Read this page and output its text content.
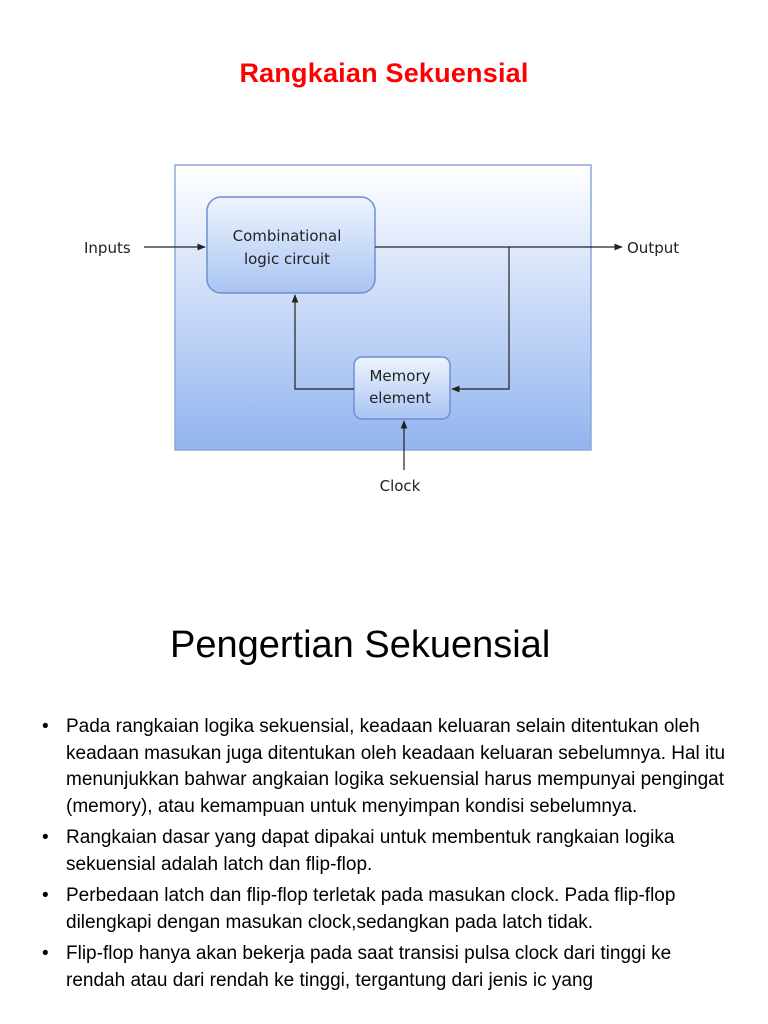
Rangkaian Sekuensial
Combinational
logic circuit
Memory
element
Inputs	Output
Clock
Pengertian Sekuensial
• Pada rangkaian logika sekuensial, keadaan keluaran selain ditentukan oleh keadaan masukan juga ditentukan oleh keadaan keluaran sebelumnya. Hal itu menunjukkan bahwar angkaian logika sekuensial harus mempunyai pengingat (memory), atau kemampuan untuk menyimpan kondisi sebelumnya.
• Rangkaian dasar yang dapat dipakai untuk membentuk rangkaian logika sekuensial adalah latch dan flip-flop.
• Perbedaan latch dan flip-flop terletak pada masukan clock. Pada flip-flop dilengkapi dengan masukan clock,sedangkan pada latch tidak.
• Flip-flop hanya akan bekerja pada saat transisi pulsa clock dari tinggi ke rendah atau dari rendah ke tinggi, tergantung dari jenis ic yang
